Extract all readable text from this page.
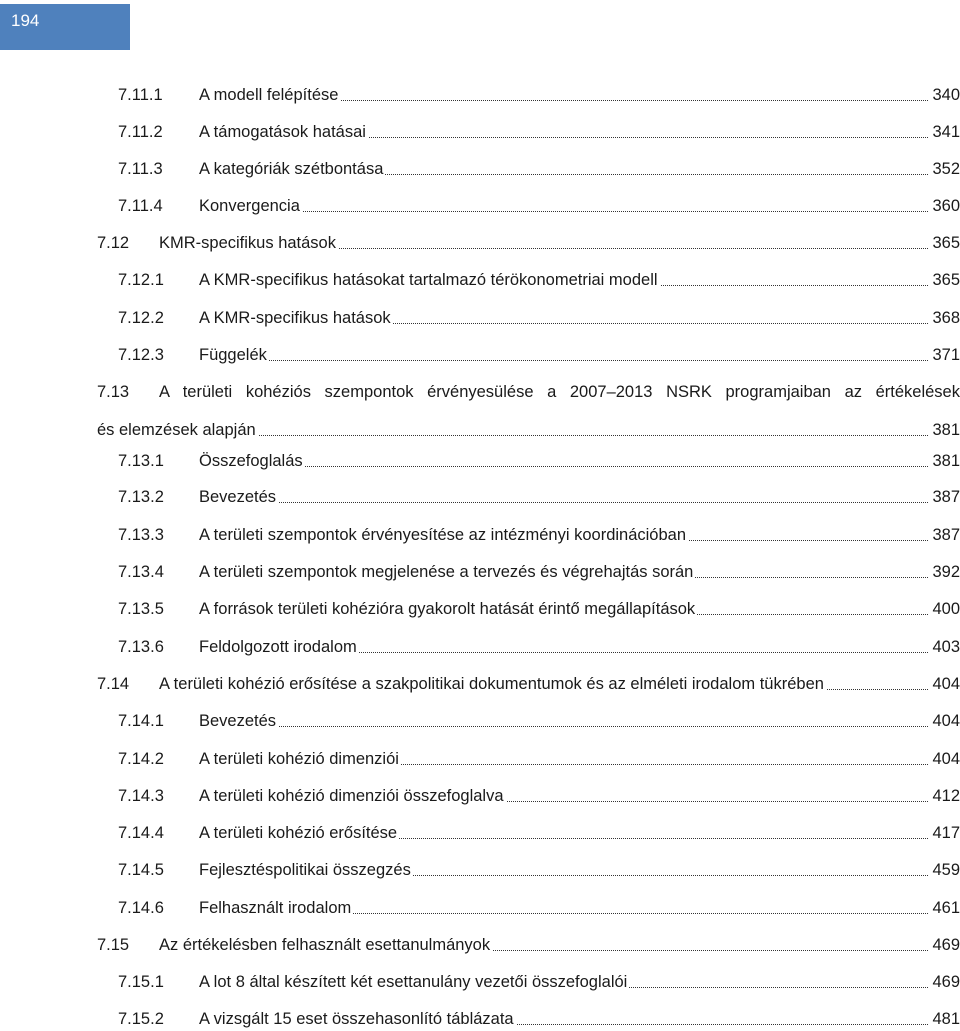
194
7.11.1 A modell felépítése	340
7.11.2 A támogatások hatásai	341
7.11.3 A kategóriák szétbontása	352
7.11.4 Konvergencia	360
7.12 KMR-specifikus hatások	365
7.12.1 A KMR-specifikus hatásokat tartalmazó térökonometriai modell	365
7.12.2 A KMR-specifikus hatások	368
7.12.3 Függelék	371
7.13 A területi kohéziós szempontok érvényesülése a 2007–2013 NSRK programjaiban az értékelések
és elemzések alapján	381
7.13.1 Összefoglalás	381
7.13.2 Bevezetés	387
7.13.3 A területi szempontok érvényesítése az intézményi koordinációban	387
7.13.4 A területi szempontok megjelenése a tervezés és végrehajtás során	392
7.13.5 A források területi kohézióra gyakorolt hatását érintő megállapítások	400
7.13.6 Feldolgozott irodalom	403
7.14 A területi kohézió erősítése a szakpolitikai dokumentumok és az elméleti irodalom tükrében	404
7.14.1 Bevezetés	404
7.14.2 A területi kohézió dimenziói	404
7.14.3 A területi kohézió dimenziói összefoglalva	412
7.14.4 A területi kohézió erősítése	417
7.14.5 Fejlesztéspolitikai összegzés	459
7.14.6 Felhasznált irodalom	461
7.15 Az értékelésben felhasznált esettanulmányok	469
7.15.1 A lot 8 által készített két esettanulány vezetői összefoglalói	469
7.15.2 A vizsgált 15 eset összehasonlító táblázata	481
